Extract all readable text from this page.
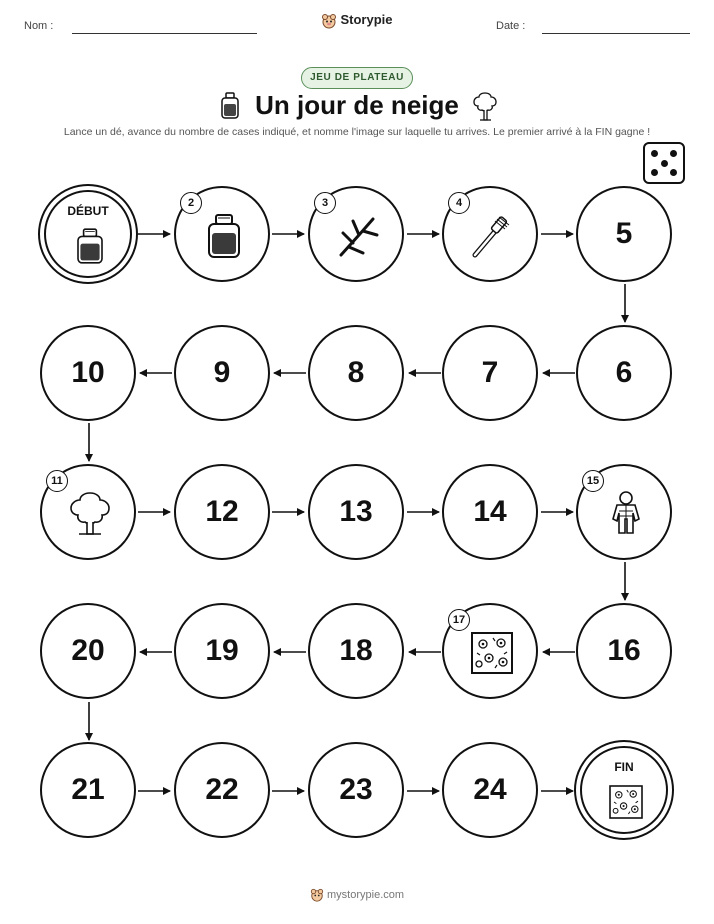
Nom :	Storypie	Date :
JEU DE PLATEAU
Un jour de neige
Lance un dé, avance du nombre de cases indiqué, et nomme l'image sur laquelle tu arrives. Le premier arrivé à la FIN gagne !
DÉBUT
2	3	4
5
6
7
8
9
10
11
12	13	14
15
16
17
18
19
20
21	22	23	24
FIN
mystorypie.com
